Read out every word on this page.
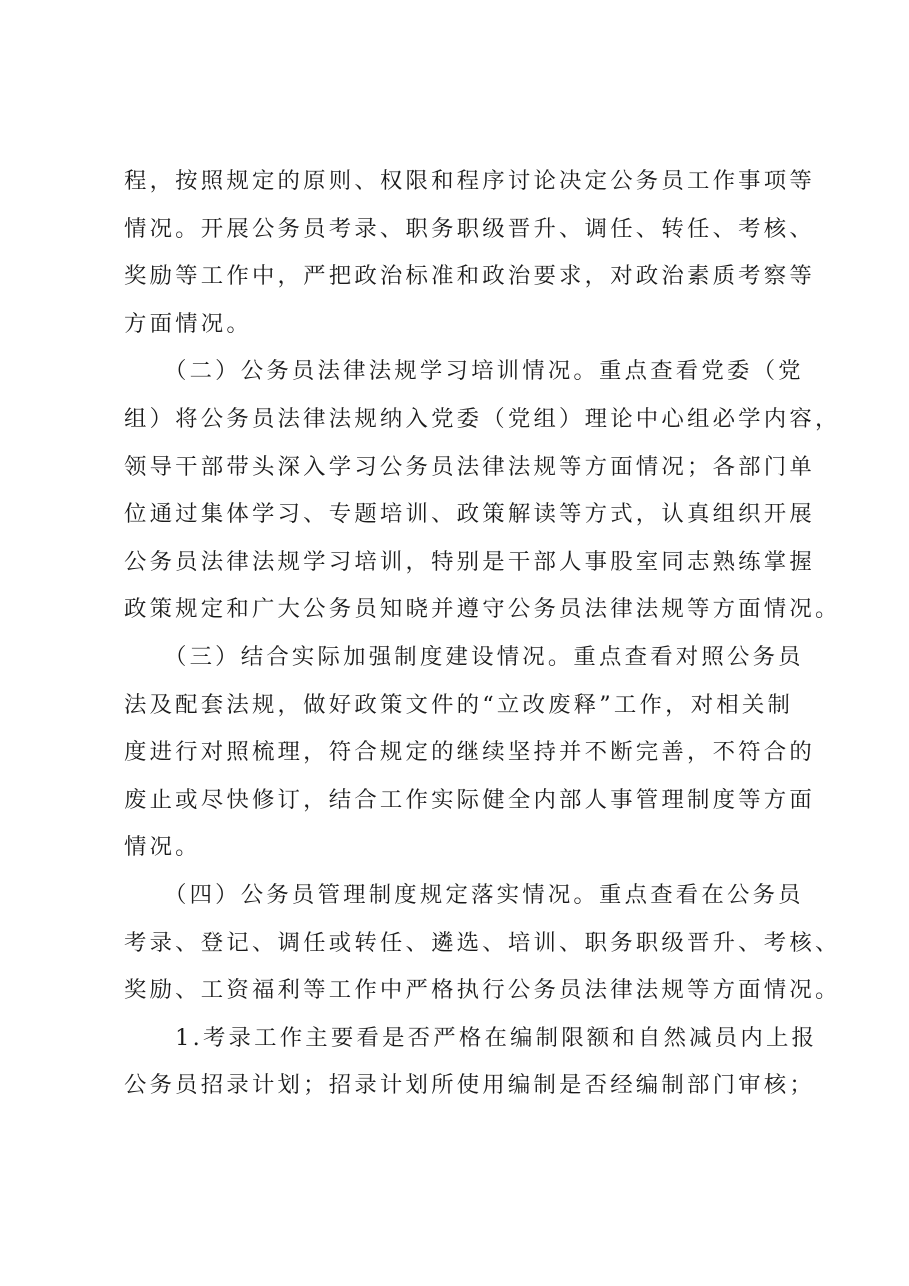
程，按照规定的原则、权限和程序讨论决定公务员工作事项等
情况。开展公务员考录、职务职级晋升、调任、转任、考核、
奖励等工作中，严把政治标准和政治要求，对政治素质考察等
方面情况。
　　（二）公务员法律法规学习培训情况。重点查看党委（党
组）将公务员法律法规纳入党委（党组）理论中心组必学内容，
领导干部带头深入学习公务员法律法规等方面情况；各部门单
位通过集体学习、专题培训、政策解读等方式，认真组织开展
公务员法律法规学习培训，特别是干部人事股室同志熟练掌握
政策规定和广大公务员知晓并遵守公务员法律法规等方面情况。
　　（三）结合实际加强制度建设情况。重点查看对照公务员
法及配套法规，做好政策文件的“立改废释”工作，对相关制
度进行对照梳理，符合规定的继续坚持并不断完善，不符合的
废止或尽快修订，结合工作实际健全内部人事管理制度等方面
情况。
　　（四）公务员管理制度规定落实情况。重点查看在公务员
考录、登记、调任或转任、遴选、培训、职务职级晋升、考核、
奖励、工资福利等工作中严格执行公务员法律法规等方面情况。
　　1.考录工作主要看是否严格在编制限额和自然减员内上报
公务员招录计划；招录计划所使用编制是否经编制部门审核；
